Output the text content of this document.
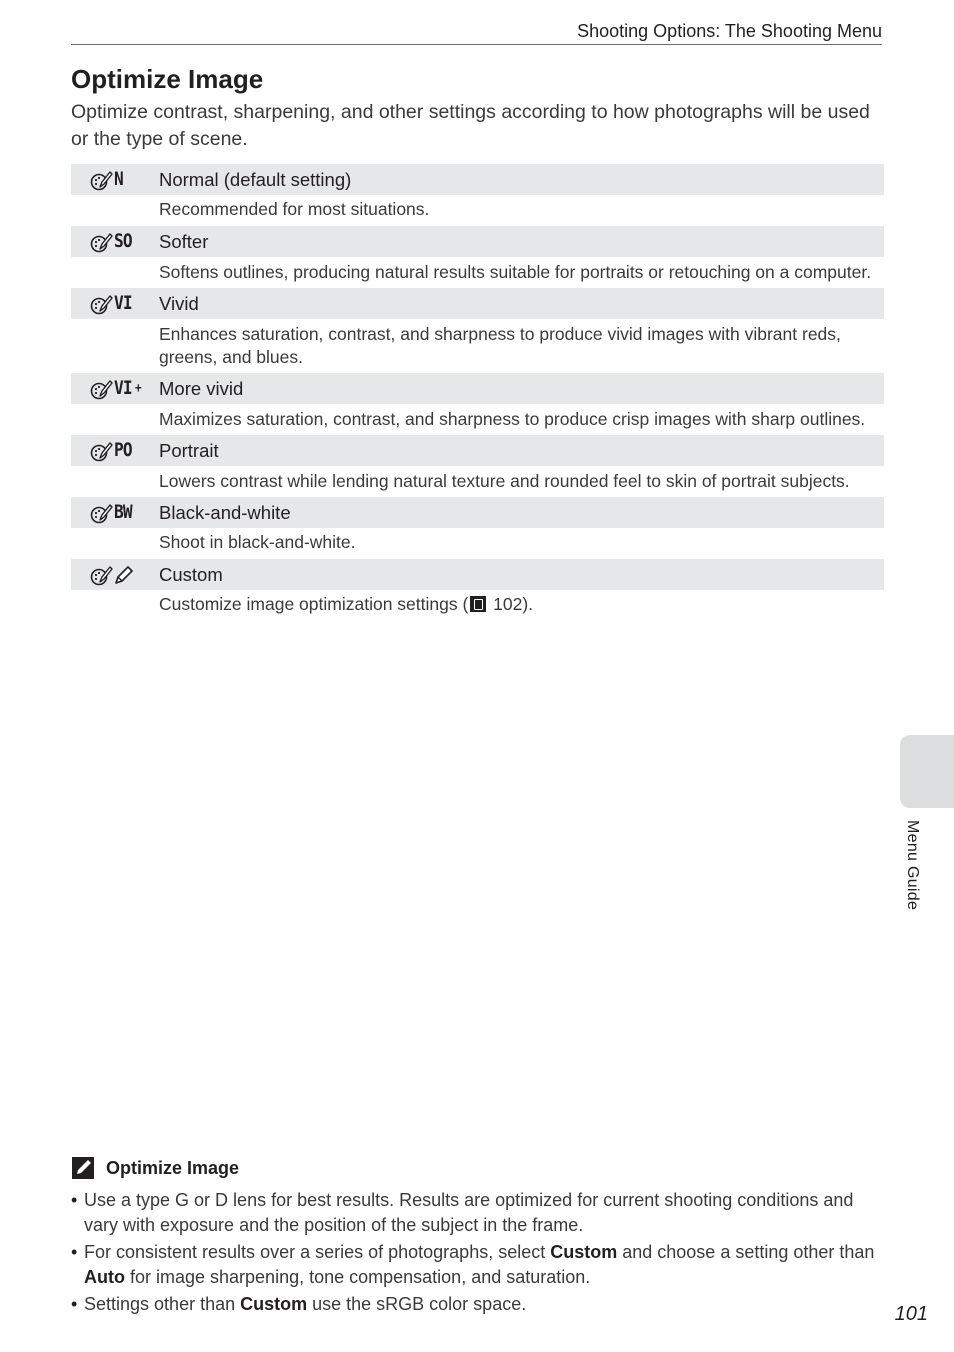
Shooting Options: The Shooting Menu
Optimize Image

Optimize contrast, sharpening, and other settings according to how photographs will be used or the type of scene.

N Normal (default setting)
Recommended for most situations.
SO Softer
Softens outlines, producing natural results suitable for portraits or retouching on a computer.
VI Vivid
Enhances saturation, contrast, and sharpness to produce vivid images with vibrant reds, greens, and blues.
VI + More vivid
Maximizes saturation, contrast, and sharpness to produce crisp images with sharp outlines.
PO Portrait
Lowers contrast while lending natural texture and rounded feel to skin of portrait subjects.
BW Black-and-white
Shoot in black-and-white.
Custom
Customize image optimization settings ( 102).
Menu Guide
Optimize Image
• Use a type G or D lens for best results. Results are optimized for current shooting conditions and vary with exposure and the position of the subject in the frame.
• For consistent results over a series of photographs, select Custom and choose a setting other than Auto for image sharpening, tone compensation, and saturation.
• Settings other than Custom use the sRGB color space.	101
